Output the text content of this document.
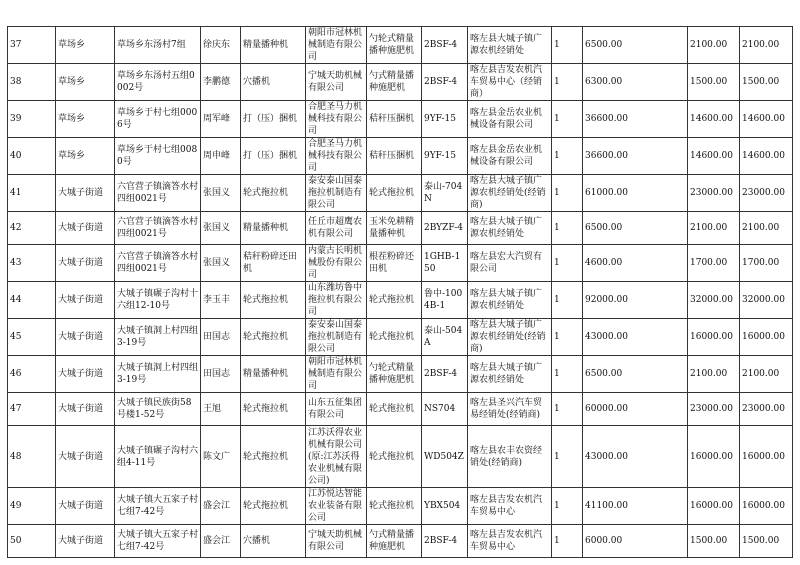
37	草场乡	草场乡东汤村7组	徐庆东	精量播种机	朝阳市冠林机械制造有限公司	勺轮式精量播种施肥机	2BSF-4	喀左县大城子镇广源农机经销处	1	6500.00	2100.00	2100.00
38	草场乡	草场乡东汤村五组0002号	李鹏德	穴播机	宁城天助机械有限公司	勺式精量播种施肥机	2BSF-4	喀左县吉发农机汽车贸易中心（经销商）	1	6300.00	1500.00	1500.00
39	草场乡	草场乡于村七组0006号	周军峰	打（压）捆机	合肥圣马力机械科技有限公司	秸秆压捆机	9YF-15	喀左县金岳农业机械设备有限公司	1	36600.00	14600.00	14600.00
40	草场乡	草场乡于村七组0080号	周申峰	打（压）捆机	合肥圣马力机械科技有限公司	秸秆压捆机	9YF-15	喀左县金岳农业机械设备有限公司	1	36600.00	14600.00	14600.00
41	大城子街道	六官营子镇滴答水村四组0021号	张国义	轮式拖拉机	泰安泰山国泰拖拉机制造有限公司	轮式拖拉机	泰山-704N	喀左县大城子镇广源农机经销处(经销商)	1	61000.00	23000.00	23000.00
42	大城子街道	六官营子镇滴答水村四组0021号	张国义	精量播种机	任丘市超鹰农机有限公司	玉米免耕精量播种机	2BYZF-4	喀左县大城子镇广源农机经销处	1	6500.00	2100.00	2100.00
43	大城子街道	六官营子镇滴答水村四组0021号	张国义	秸秆粉碎还田机	内蒙古长明机械股份有限公司	根茬粉碎还田机	1GHB-150	喀左县宏大汽贸有限公司	1	4600.00	1700.00	1700.00
44	大城子街道	大城子镇碾子沟村十六组12-10号	李玉丰	轮式拖拉机	山东潍坊鲁中拖拉机有限公司	轮式拖拉机	鲁中-1004B-1	喀左县大城子镇广源农机经销处	1	92000.00	32000.00	32000.00
45	大城子街道	大城子镇洞上村四组3-19号	田国志	轮式拖拉机	泰安泰山国泰拖拉机制造有限公司	轮式拖拉机	泰山-504A	喀左县大城子镇广源农机经销处(经销商)	1	43000.00	16000.00	16000.00
46	大城子街道	大城子镇洞上村四组3-19号	田国志	精量播种机	朝阳市冠林机械制造有限公司	勺轮式精量播种施肥机	2BSF-4	喀左县大城子镇广源农机经销处	1	6500.00	2100.00	2100.00
47	大城子街道	大城子镇民族街58号楼1-52号	王旭	轮式拖拉机	山东五征集团有限公司	轮式拖拉机	NS704	喀左县圣兴汽车贸易经销处(经销商)	1	60000.00	23000.00	23000.00
48	大城子街道	大城子镇碾子沟村六组4-11号	陈文广	轮式拖拉机	江苏沃得农业机械有限公司(原:江苏沃得农业机械有限公司)	轮式拖拉机	WD504Z	喀左县农丰农资经销处(经销商)	1	43000.00	16000.00	16000.00
49	大城子街道	大城子镇大五家子村七组7-42号	盛会江	轮式拖拉机	江苏悦达智能农业装备有限公司	轮式拖拉机	YBX504	喀左县吉发农机汽车贸易中心	1	41100.00	16000.00	16000.00
50	大城子街道	大城子镇大五家子村七组7-42号	盛会江	穴播机	宁城天助机械有限公司	勺式精量播种施肥机	2BSF-4	喀左县吉发农机汽车贸易中心	1	6000.00	1500.00	1500.00
